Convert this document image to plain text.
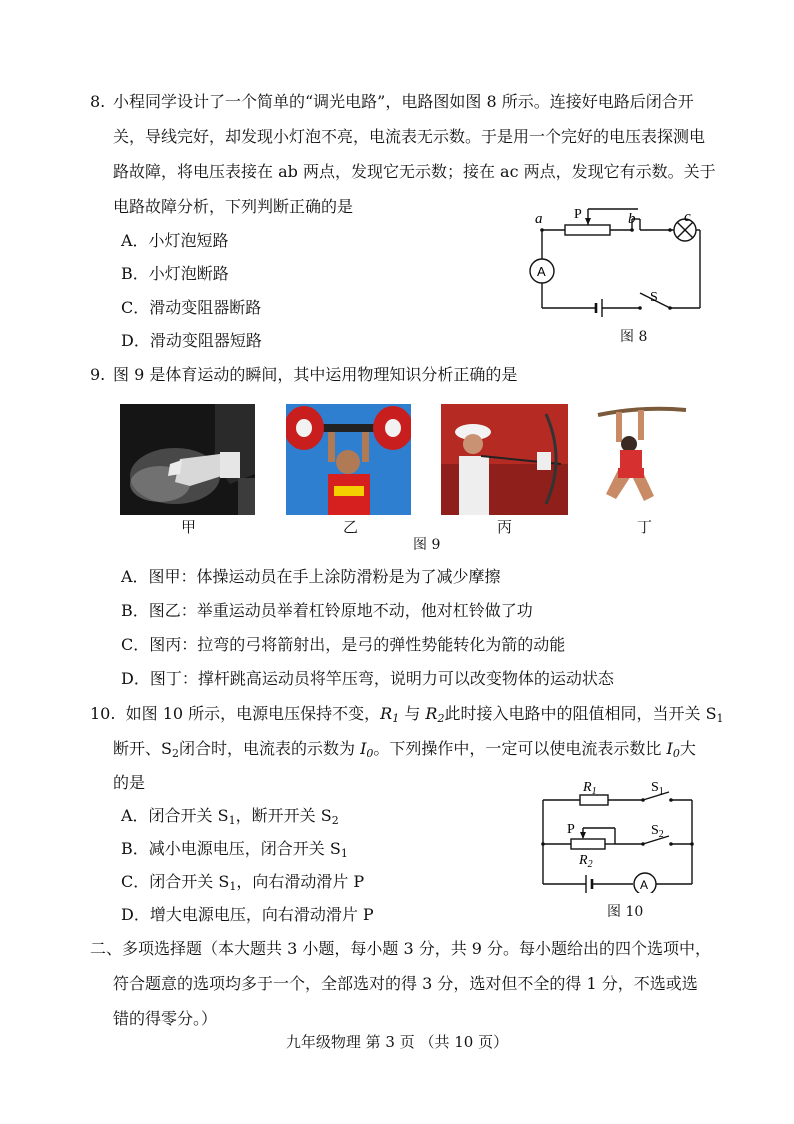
8. 小程同学设计了一个简单的“调光电路”，电路图如图 8 所示。连接好电路后闭合开
关，导线完好，却发现小灯泡不亮，电流表无示数。于是用一个完好的电压表探测电
路故障，将电压表接在 ab 两点，发现它无示数；接在 ac 两点，发现它有示数。关于
电路故障分析，下列判断正确的是
A．小灯泡短路
B．小灯泡断路
C．滑动变阻器断路
D．滑动变阻器短路
a	b	c
P
S
A
图 8
9. 图 9 是体育运动的瞬间，其中运用物理知识分析正确的是
甲	乙	丙	丁
图 9
A．图甲：体操运动员在手上涂防滑粉是为了减少摩擦
B．图乙：举重运动员举着杠铃原地不动，他对杠铃做了功
C．图丙：拉弯的弓将箭射出，是弓的弹性势能转化为箭的动能
D．图丁：撑杆跳高运动员将竿压弯，说明力可以改变物体的运动状态
10. 如图 10 所示，电源电压保持不变，$R_1$ 与 $R_2$此时接入电路中的阻值相同，当开关 $S_1$
断开、$S_2$闭合时，电流表的示数为 $I_0$。下列操作中，一定可以使电流表示数比 $I_0$大
的是
A．闭合开关 $S_1$，断开开关 $S_2$
B．减小电源电压，闭合开关 $S_1$
C．闭合开关 $S_1$，向右滑动滑片 P
D．增大电源电压，向右滑动滑片 P
$R_1$	$S_1$
P	$S_2$
$R_2$
A
图 10
二、多项选择题（本大题共 3 小题，每小题 3 分，共 9 分。每小题给出的四个选项中，
符合题意的选项均多于一个，全部选对的得 3 分，选对但不全的得 1 分，不选或选
错的得零分。）
九年级物理 第 3 页 （共 10 页）
